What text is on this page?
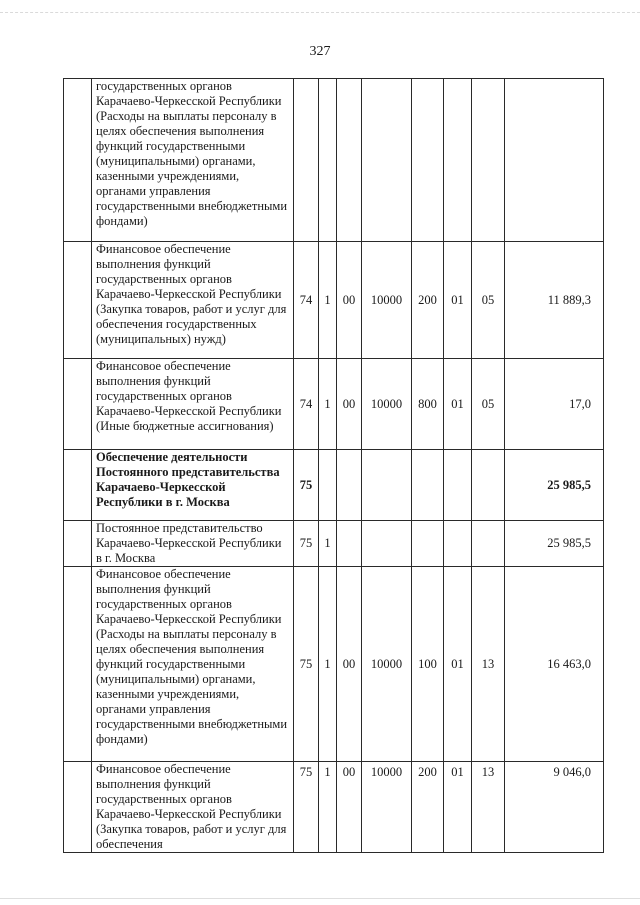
327
	государственных органов Карачаево-Черкесской Республики (Расходы на выплаты персоналу в целях обеспечения выполнения функций государственными (муниципальными) органами, казенными учреждениями, органами управления государственными внебюджетными фондами)								
	Финансовое обеспечение выполнения функций государственных органов Карачаево-Черкесской Республики (Закупка товаров, работ и услуг для обеспечения государственных (муниципальных) нужд)	74	1	00	10000	200	01	05	11 889,3
	Финансовое обеспечение выполнения функций государственных органов Карачаево-Черкесской Республики (Иные бюджетные ассигнования)	74	1	00	10000	800	01	05	17,0
	Обеспечение деятельности Постоянного представительства Карачаево-Черкесской Республики в г. Москва	75							25 985,5
	Постоянное представительство Карачаево-Черкесской Республики в г. Москва	75	1						25 985,5
	Финансовое обеспечение выполнения функций государственных органов Карачаево-Черкесской Республики (Расходы на выплаты персоналу в целях обеспечения выполнения функций государственными (муниципальными) органами, казенными учреждениями, органами управления государственными внебюджетными фондами)	75	1	00	10000	100	01	13	16 463,0
	Финансовое обеспечение выполнения функций государственных органов Карачаево-Черкесской Республики (Закупка товаров, работ и услуг для обеспечения	75	1	00	10000	200	01	13	9 046,0
